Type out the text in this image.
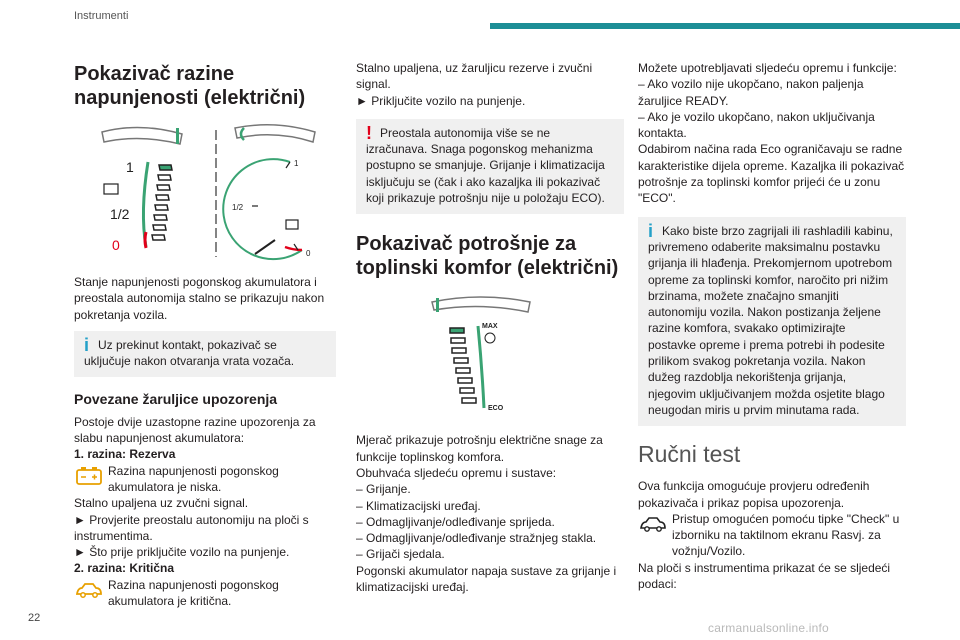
Instrumenti
Pokazivač razine napunjenosti (električni)
1
1/2
0
1
1/2
0

Stanje napunjenosti pogonskog akumulatora i preostala autonomija stalno se prikazuju nakon pokretanja vozila.

i Uz prekinut kontakt, pokazivač se uključuje nakon otvaranja vrata vozača.

Povezane žaruljice upozorenja

Postoje dvije uzastopne razine upozorenja za slabu napunjenost akumulatora:

1. razina: Rezerva

Razina napunjenosti pogonskog akumulatora je niska.

Stalno upaljena uz zvučni signal.

► Provjerite preostalu autonomiju na ploči s instrumentima.

► Što prije priključite vozilo na punjenje.

2. razina: Kritična

Razina napunjenosti pogonskog akumulatora je kritična.

Stalno upaljena, uz žaruljicu rezerve i zvučni signal.

► Priključite vozilo na punjenje.

! Preostala autonomija više se ne izračunava. Snaga pogonskog mehanizma postupno se smanjuje. Grijanje i klimatizacija isključuju se (čak i ako kazaljka ili pokazivač koji prikazuje potrošnju nije u položaju ECO).

Pokazivač potrošnje za toplinski komfor (električni)
MAX
ECO

Mjerač prikazuje potrošnju električne snage za funkcije toplinskog komfora.

Obuhvaća sljedeću opremu i sustave:

– Grijanje.

– Klimatizacijski uređaj.

– Odmagljivanje/odleđivanje sprijeda.

– Odmagljivanje/odleđivanje stražnjeg stakla.

– Grijači sjedala.

Pogonski akumulator napaja sustave za grijanje i klimatizacijski uređaj.

Možete upotrebljavati sljedeću opremu i funkcije:

– Ako vozilo nije ukopčano, nakon paljenja žaruljice READY.

– Ako je vozilo ukopčano, nakon uključivanja kontakta.

Odabirom načina rada Eco ograničavaju se radne karakteristike dijela opreme. Kazaljka ili pokazivač potrošnje za toplinski komfor prijeći će u zonu "ECO".

i Kako biste brzo zagrijali ili rashladili kabinu, privremeno odaberite maksimalnu postavku grijanja ili hlađenja. Prekomjernom upotrebom opreme za toplinski komfor, naročito pri nižim brzinama, možete značajno smanjiti autonomiju vozila. Nakon postizanja željene razine komfora, svakako optimizirajte postavke opreme i prema potrebi ih podesite prilikom svakog pokretanja vozila. Nakon dužeg razdoblja nekorištenja grijanja, njegovim uključivanjem možda osjetite blago neugodan miris u prvim minutama rada.

Ručni test

Ova funkcija omogućuje provjeru određenih pokazivača i prikaz popisa upozorenja.

Pristup omogućen pomoću tipke "Check" u izborniku na taktilnom ekranu Rasvj. za vožnju/Vozilo.

Na ploči s instrumentima prikazat će se sljedeći podaci:

22
carmanualsonline.info
